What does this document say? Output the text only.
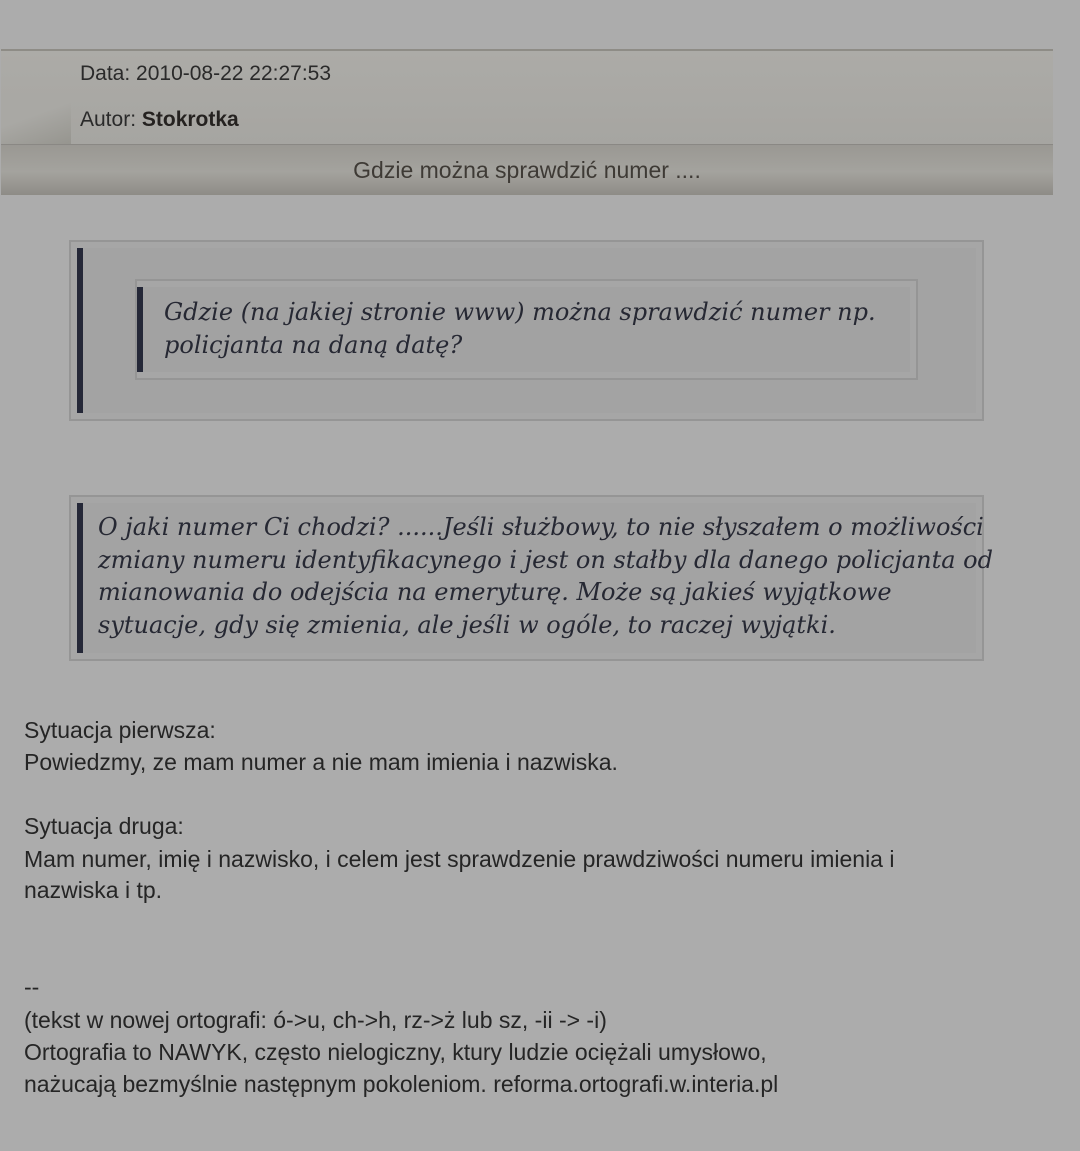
Data: 2010-08-22 22:27:53
Autor: Stokrotka
Gdzie można sprawdzić numer ....
Gdzie (na jakiej stronie www) można sprawdzić numer np.
policjanta na daną datę?
O jaki numer Ci chodzi? ......Jeśli służbowy, to nie słyszałem o możliwości
zmiany numeru identyfikacynego i jest on stałby dla danego policjanta od
mianowania do odejścia na emeryturę. Może są jakieś wyjątkowe
sytuacje, gdy się zmienia, ale jeśli w ogóle, to raczej wyjątki.
Sytuacja pierwsza:
Powiedzmy, ze mam numer a nie mam imienia i nazwiska.
Sytuacja druga:
Mam numer, imię i nazwisko, i celem jest sprawdzenie prawdziwości numeru imienia i
nazwiska i tp.
--
(tekst w nowej ortografi: ó->u, ch->h, rz->ż lub sz, -ii -> -i)
Ortografia to NAWYK, często nielogiczny, ktury ludzie ociężali umysłowo,
nażucają bezmyślnie następnym pokoleniom. reforma.ortografi.w.interia.pl
